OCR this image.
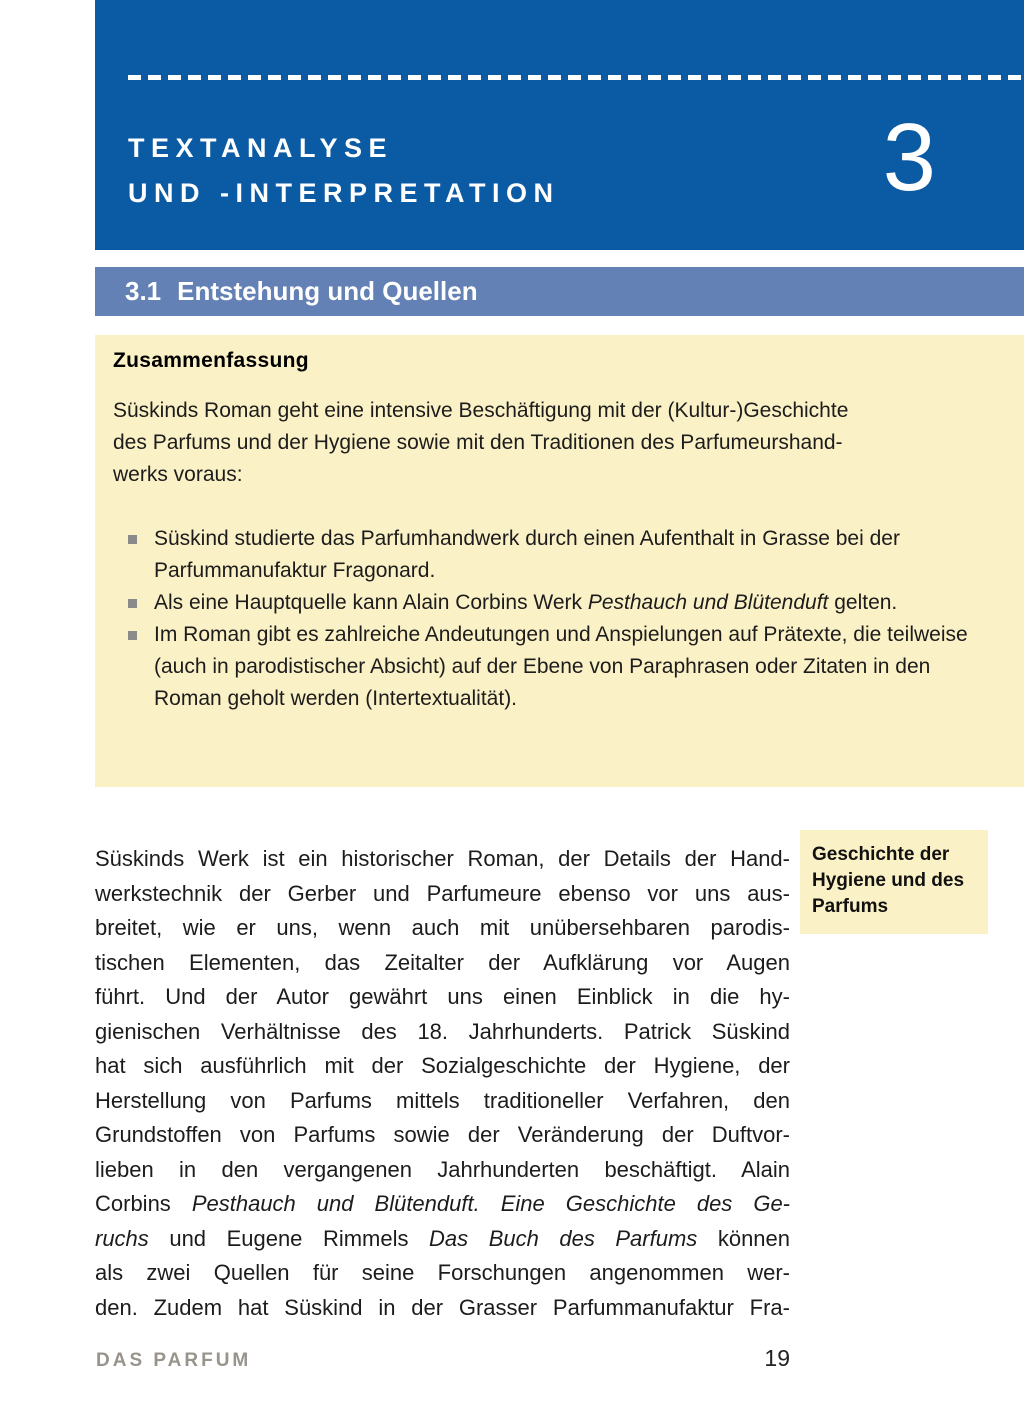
TEXTANALYSE
UND -INTERPRETATION	3
3.1 Entstehung und Quellen
Zusammenfassung
Süskinds Roman geht eine intensive Beschäftigung mit der (Kultur-)Geschichte
des Parfums und der Hygiene sowie mit den Traditionen des Parfumeurshand-
werks voraus:
Süskind studierte das Parfumhandwerk durch einen Aufenthalt in Grasse bei der Parfummanufaktur Fragonard.
Als eine Hauptquelle kann Alain Corbins Werk Pesthauch und Blütenduft gelten.
Im Roman gibt es zahlreiche Andeutungen und Anspielungen auf Prätexte, die teilweise (auch in parodistischer Absicht) auf der Ebene von Paraphrasen oder Zitaten in den Roman geholt werden (Intertextualität).
Süskinds Werk ist ein historischer Roman, der Details der Hand-
werkstechnik der Gerber und Parfumeure ebenso vor uns aus-
breitet, wie er uns, wenn auch mit unübersehbaren parodis-
tischen Elementen, das Zeitalter der Aufklärung vor Augen
führt. Und der Autor gewährt uns einen Einblick in die hy-
gienischen Verhältnisse des 18. Jahrhunderts. Patrick Süskind
hat sich ausführlich mit der Sozialgeschichte der Hygiene, der
Herstellung von Parfums mittels traditioneller Verfahren, den
Grundstoffen von Parfums sowie der Veränderung der Duftvor-
lieben in den vergangenen Jahrhunderten beschäftigt. Alain
Corbins Pesthauch und Blütenduft. Eine Geschichte des Ge-
ruchs und Eugene Rimmels Das Buch des Parfums können
als zwei Quellen für seine Forschungen angenommen wer-
den. Zudem hat Süskind in der Grasser Parfummanufaktur Fra-
Geschichte der Hygiene und des Parfums
DAS PARFUM	19
